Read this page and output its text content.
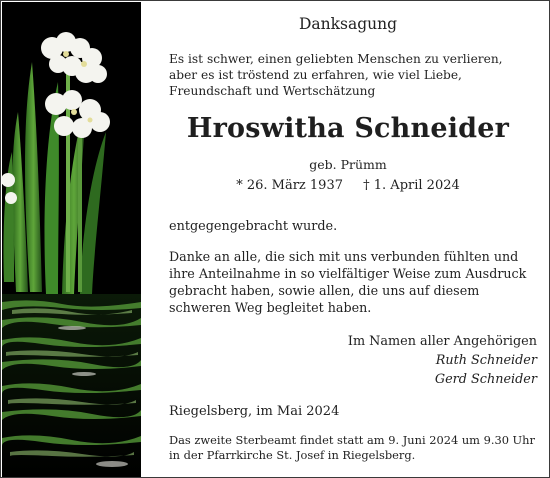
Danksagung
Es ist schwer, einen geliebten Menschen zu verlieren, aber es ist tröstend zu erfahren, wie viel Liebe, Freundschaft und Wertschätzung
Hroswitha Schneider
geb. Prümm
* 26. März 1937 † 1. April 2024
entgegengebracht wurde.
Danke an alle, die sich mit uns verbunden fühlten und ihre Anteilnahme in so vielfältiger Weise zum Ausdruck gebracht haben, sowie allen, die uns auf diesem schweren Weg begleitet haben.
Im Namen aller Angehörigen
Ruth Schneider
Gerd Schneider
Riegelsberg, im Mai 2024
Das zweite Sterbeamt findet statt am 9. Juni 2024 um 9.30 Uhr in der Pfarrkirche St. Josef in Riegelsberg.
